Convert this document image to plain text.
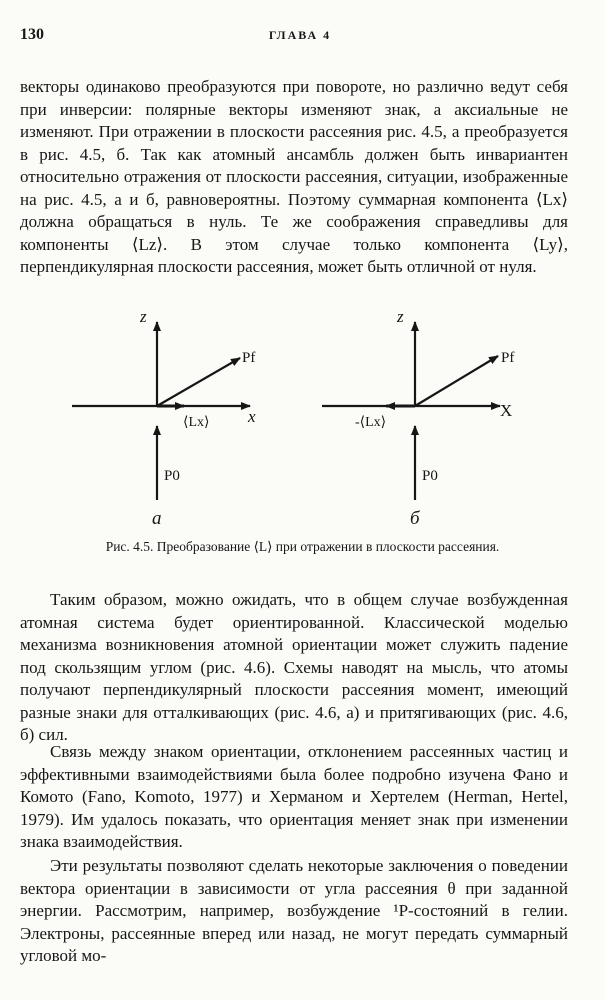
130	ГЛАВА 4

векторы одинаково преобразуются при повороте, но различно ведут себя при инверсии: полярные векторы изменяют знак, а аксиальные не изменяют. При отражении в плоскости рассеяния рис. 4.5, а преобразуется в рис. 4.5, б. Так как атомный ансамбль должен быть инвариантен относительно отражения от плоскости рассеяния, ситуации, изображенные на рис. 4.5, а и б, равновероятны. Поэтому суммарная компонента ⟨Lx⟩ должна обращаться в нуль. Те же соображения справедливы для компоненты ⟨Lz⟩. В этом случае только компонента ⟨Ly⟩, перпендикулярная плоскости рассеяния, может быть отличной от нуля.

z
x
Pf
⟨Lx⟩
P0
а
z
X
Pf
-⟨Lx⟩
P0
б

Рис. 4.5. Преобразование ⟨L⟩ при отражении в плоскости рассеяния.

Таким образом, можно ожидать, что в общем случае возбужденная атомная система будет ориентированной. Классической моделью механизма возникновения атомной ориентации может служить падение под скользящим углом (рис. 4.6). Схемы наводят на мысль, что атомы получают перпендикулярный плоскости рассеяния момент, имеющий разные знаки для отталкивающих (рис. 4.6, а) и притягивающих (рис. 4.6, б) сил.

Связь между знаком ориентации, отклонением рассеянных частиц и эффективными взаимодействиями была более подробно изучена Фано и Комото (Fano, Komoto, 1977) и Херманом и Хертелем (Herman, Hertel, 1979). Им удалось показать, что ориентация меняет знак при изменении знака взаимодействия.

Эти результаты позволяют сделать некоторые заключения о поведении вектора ориентации в зависимости от угла рассеяния θ при заданной энергии. Рассмотрим, например, возбуждение ¹P-состояний в гелии. Электроны, рассеянные вперед или назад, не могут передать суммарный угловой мо-
